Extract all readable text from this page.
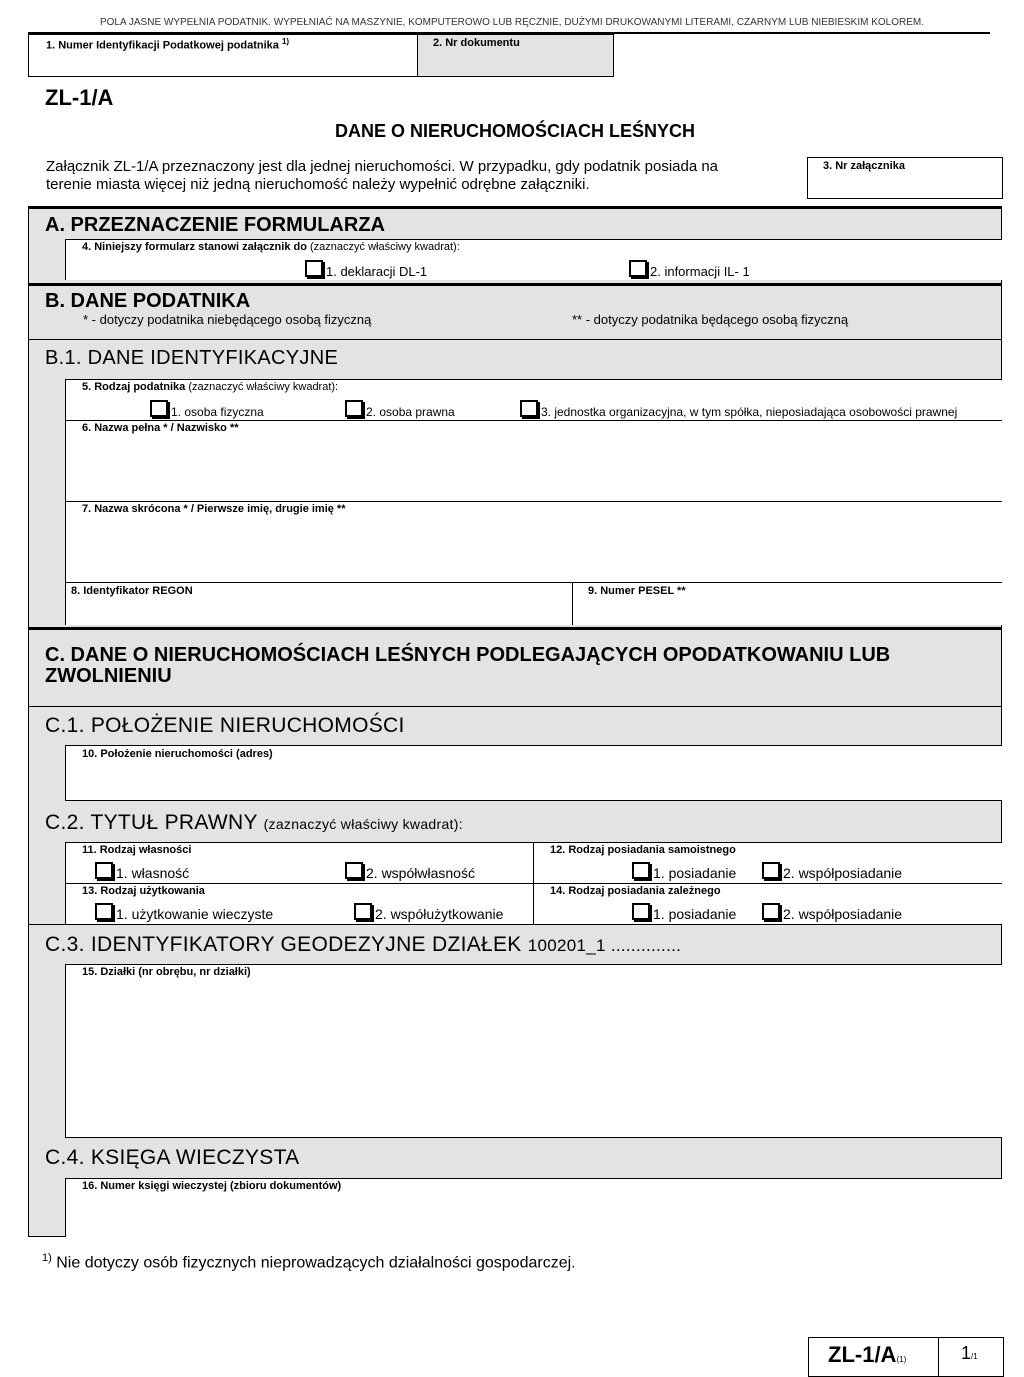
POLA JASNE WYPEŁNIA PODATNIK. WYPEŁNIAĆ NA MASZYNIE, KOMPUTEROWO LUB RĘCZNIE, DUŻYMI DRUKOWANYMI LITERAMI, CZARNYM LUB NIEBIESKIM KOLOREM.
1. Numer Identyfikacji Podatkowej podatnika $^{1)}$	2. Nr dokumentu
ZL-1/A
DANE O NIERUCHOMOŚCIACH LEŚNYCH
Załącznik ZL-1/A przeznaczony jest dla jednej nieruchomości. W przypadku, gdy podatnik posiada na
terenie miasta więcej niż jedną nieruchomość należy wypełnić odrębne załączniki.
3. Nr załącznika
A. PRZEZNACZENIE FORMULARZA
4. Niniejszy formularz stanowi załącznik do (zaznaczyć właściwy kwadrat):
1. deklaracji DL-1	2. informacji IL- 1
B. DANE PODATNIKA
* - dotyczy podatnika niebędącego osobą fizyczną	** - dotyczy podatnika będącego osobą fizyczną
B.1. DANE IDENTYFIKACYJNE
5. Rodzaj podatnika (zaznaczyć właściwy kwadrat):
1. osoba fizyczna	2. osoba prawna	3. jednostka organizacyjna, w tym spółka, nieposiadająca osobowości prawnej
6. Nazwa pełna * / Nazwisko **
7. Nazwa skrócona * / Pierwsze imię, drugie imię **
8. Identyfikator REGON	9. Numer PESEL **
C. DANE O NIERUCHOMOŚCIACH LEŚNYCH PODLEGAJĄCYCH OPODATKOWANIU LUB
ZWOLNIENIU
C.1. POŁOŻENIE NIERUCHOMOŚCI
10. Położenie nieruchomości (adres)
C.2. TYTUŁ PRAWNY (zaznaczyć właściwy kwadrat):
11. Rodzaj własności
1. własność	2. współwłasność
12. Rodzaj posiadania samoistnego
1. posiadanie	2. współposiadanie
13. Rodzaj użytkowania
1. użytkowanie wieczyste	2. współużytkowanie
14. Rodzaj posiadania zależnego
1. posiadanie	2. współposiadanie
C.3. IDENTYFIKATORY GEODEZYJNE DZIAŁEK 100201_1 ..............
15. Działki (nr obrębu, nr działki)
C.4. KSIĘGA WIECZYSTA
16. Numer księgi wieczystej (zbioru dokumentów)
$^{1)}$ Nie dotyczy osób fizycznych nieprowadzących działalności gospodarczej.
ZL-1/A(1)	1/1
